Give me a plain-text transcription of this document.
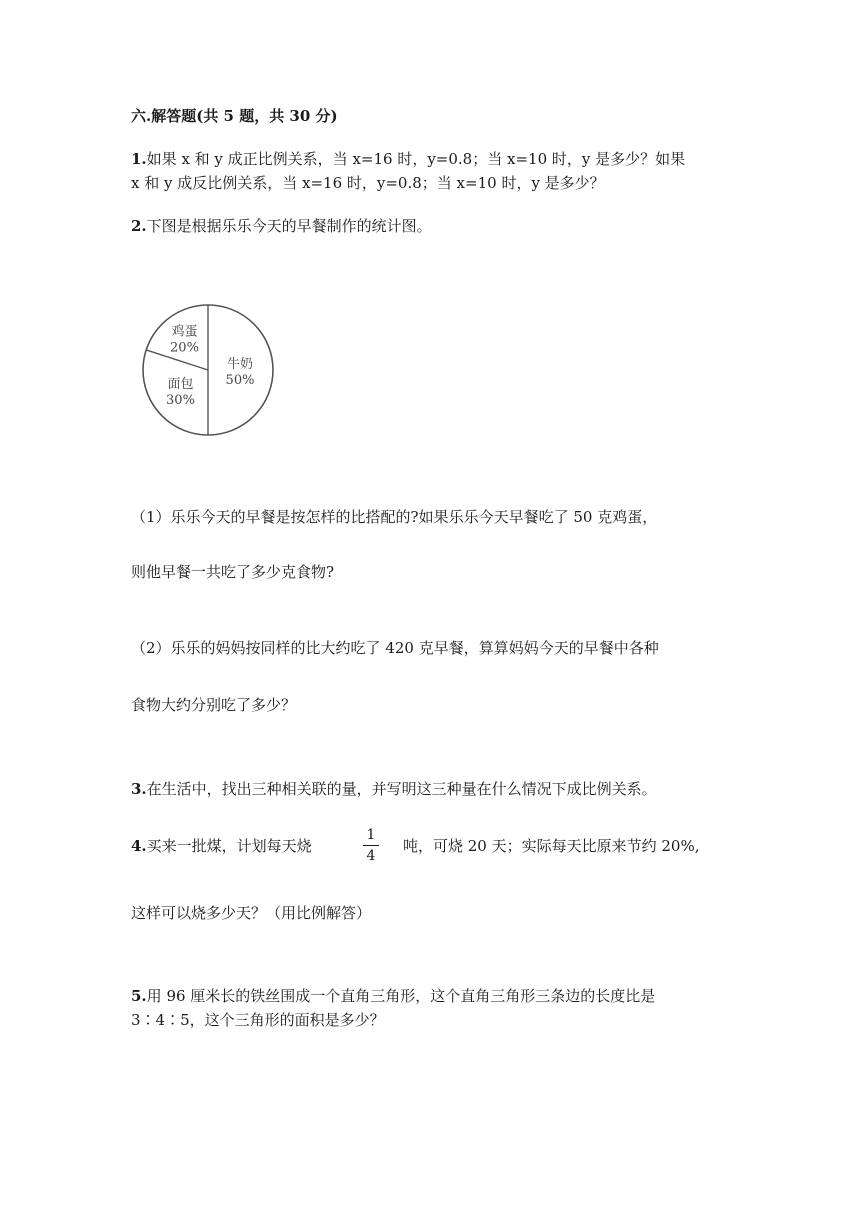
六.解答题(共 5 题，共 30 分)
1.如果 x 和 y 成正比例关系，当 x=16 时，y=0.8；当 x=10 时，y 是多少？如果
x 和 y 成反比例关系，当 x=16 时，y=0.8；当 x=10 时，y 是多少？
2.下图是根据乐乐今天的早餐制作的统计图。
牛奶
50%
面包
30%
鸡蛋
20%
（1）乐乐今天的早餐是按怎样的比搭配的?如果乐乐今天早餐吃了 50 克鸡蛋，
则他早餐一共吃了多少克食物?
（2）乐乐的妈妈按同样的比大约吃了 420 克早餐，算算妈妈今天的早餐中各种
食物大约分别吃了多少？
3.在生活中，找出三种相关联的量，并写明这三种量在什么情况下成比例关系。
4.买来一批煤，计划每天烧
1
4
吨，可烧 20 天；实际每天比原来节约 20%,
这样可以烧多少天？（用比例解答）
5.用 96 厘米长的铁丝围成一个直角三角形，这个直角三角形三条边的长度比是
3∶4∶5，这个三角形的面积是多少？
